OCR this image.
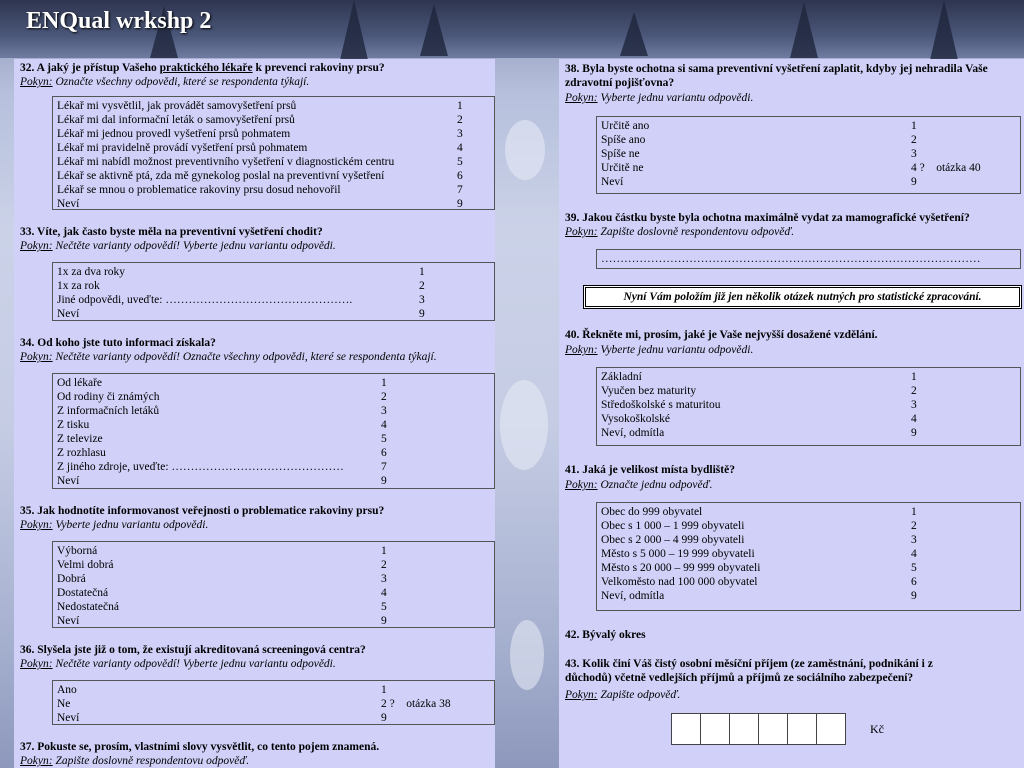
ENQual wrkshp 2
32. A jaký je přístup Vašeho praktického lékaře k prevenci rakoviny prsu?
Pokyn: Označte všechny odpovědi, které se respondenta týkají.
Lékař mi vysvětlil, jak provádět samovyšetření prsů	1
Lékař mi dal informační leták o samovyšetření prsů	2
Lékař mi jednou provedl vyšetření prsů pohmatem	3
Lékař mi pravidelně provádí vyšetření prsů pohmatem	4
Lékař mi nabídl možnost preventivního vyšetření v diagnostickém centru	5
Lékař se aktivně ptá, zda mě gynekolog poslal na preventivní vyšetření	6
Lékař se mnou o problematice rakoviny prsu dosud nehovořil	7
Neví	9
33. Víte, jak často byste měla na preventivní vyšetření chodit?
Pokyn: Nečtěte varianty odpovědí! Vyberte jednu variantu odpovědi.
1x za dva roky	1
1x za rok	2
Jiné odpovědi, uveďte: ………………………………………….	3
Neví	9
34. Od koho jste tuto informaci získala?
Pokyn: Nečtěte varianty odpovědí! Označte všechny odpovědi, které se respondenta týkají.
Od lékaře	1
Od rodiny či známých	2
Z informačních letáků	3
Z tisku	4
Z televize	5
Z rozhlasu	6
Z jiného zdroje, uveďte: ………………………………………	7
Neví	9
35. Jak hodnotíte informovanost veřejnosti o problematice rakoviny prsu?
Pokyn: Vyberte jednu variantu odpovědi.
Výborná	1
Velmi dobrá	2
Dobrá	3
Dostatečná	4
Nedostatečná	5
Neví	9
36. Slyšela jste již o tom, že existují akreditovaná screeningová centra?
Pokyn: Nečtěte varianty odpovědí! Vyberte jednu variantu odpovědi.
Ano	1
Ne	2 ?    otázka 38
Neví	9
37. Pokuste se, prosím, vlastními slovy vysvětlit, co tento pojem znamená.
Pokyn: Zapište doslovně respondentovu odpověď.
38. Byla byste ochotna si sama preventivní vyšetření zaplatit, kdyby jej nehradila Vaše zdravotní pojišťovna?
Pokyn: Vyberte jednu variantu odpovědi.
Určitě ano	1
Spíše ano	2
Spíše ne	3
Určitě ne	4 ?    otázka 40
Neví	9
39. Jakou částku byste byla ochotna maximálně vydat za mamografické vyšetření?
Pokyn: Zapište doslovně respondentovu odpověď.
………………………………………………………………………………………
Nyní Vám položím již jen několik otázek nutných pro statistické zpracování.
40. Řekněte mi, prosím, jaké je Vaše nejvyšší dosažené vzdělání.
Pokyn: Vyberte jednu variantu odpovědi.
Základní	1
Vyučen bez maturity	2
Středoškolské s maturitou	3
Vysokoškolské	4
Neví, odmítla	9
41. Jaká je velikost místa bydliště?
Pokyn: Označte jednu odpověď.
Obec do 999 obyvatel	1
Obec s 1 000 – 1 999 obyvateli	2
Obec s 2 000 – 4 999 obyvateli	3
Město s 5 000 – 19 999 obyvateli	4
Město s 20 000 – 99 999 obyvateli	5
Velkoměsto nad 100 000 obyvatel	6
Neví, odmítla	9
42. Bývalý okres
43. Kolik činí Váš čistý osobní měsíční příjem (ze zaměstnání, podnikání i z důchodů) včetně vedlejších příjmů a příjmů ze sociálního zabezpečení?
Pokyn: Zapište odpověď.
Kč
